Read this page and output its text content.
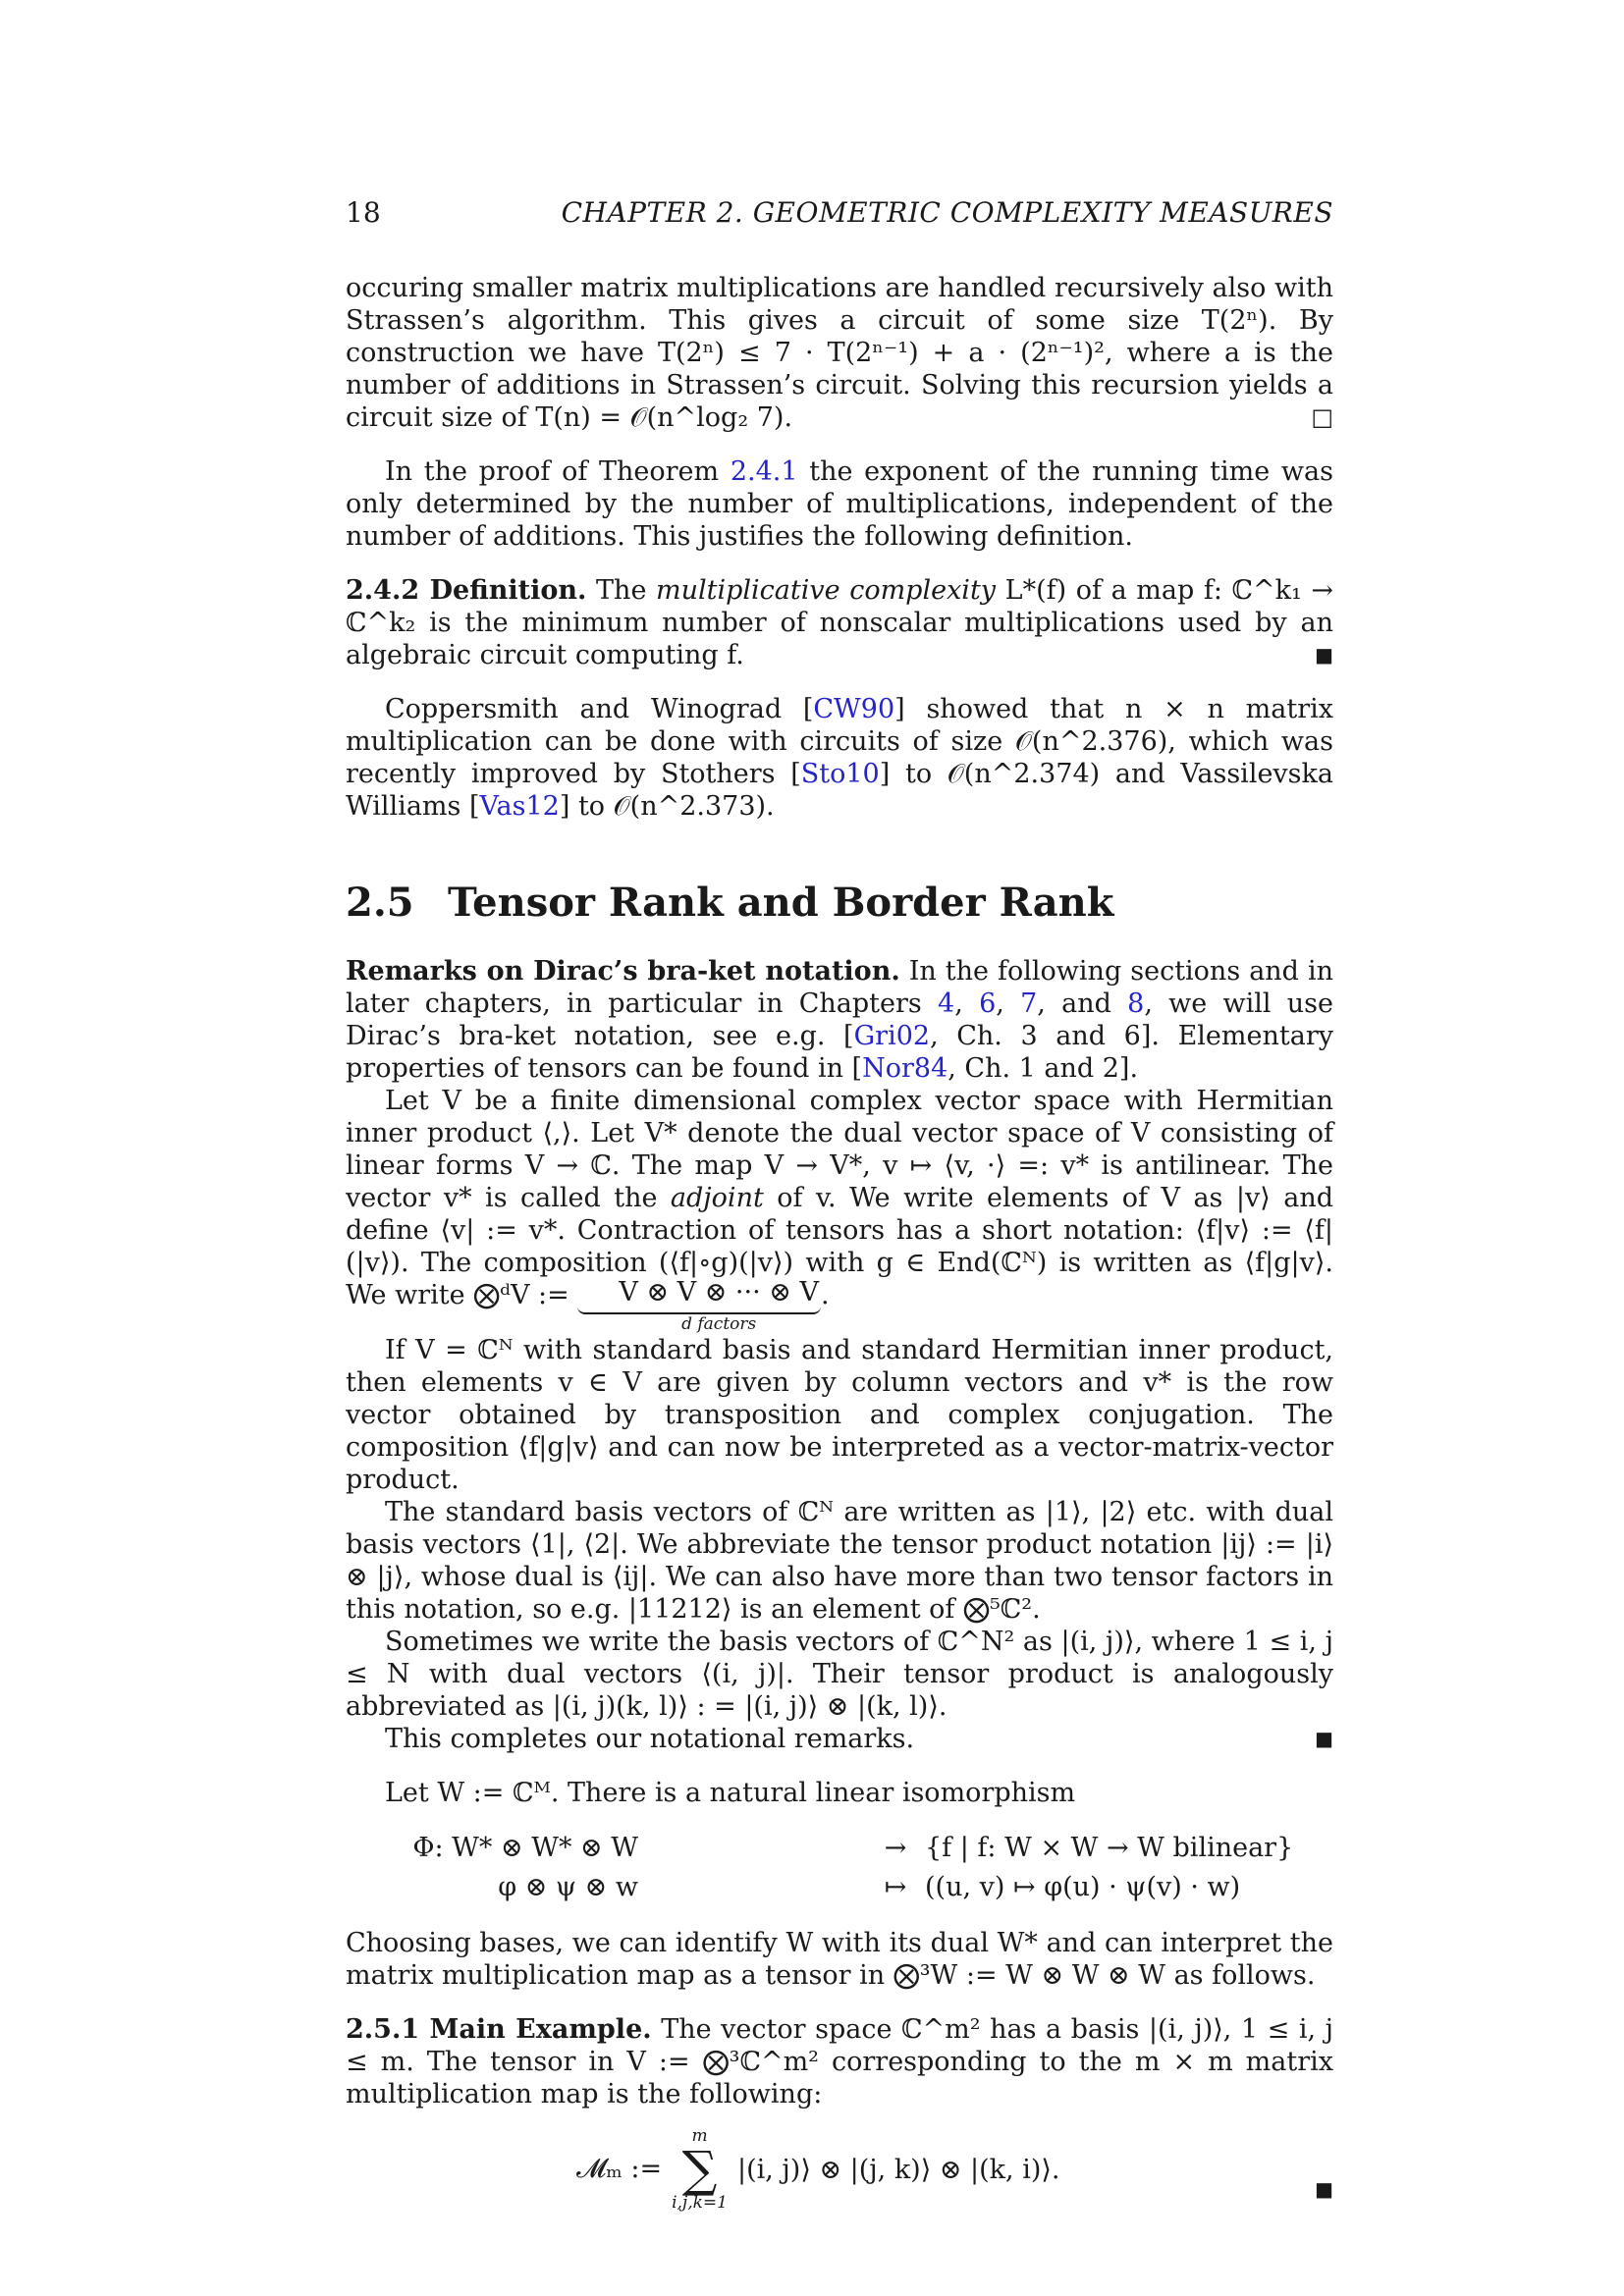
18	CHAPTER 2. GEOMETRIC COMPLEXITY MEASURES

occuring smaller matrix multiplications are handled recursively also with Strassen’s algorithm. This gives a circuit of some size T(2ⁿ). By construction we have T(2ⁿ) ≤ 7 · T(2ⁿ⁻¹) + a · (2ⁿ⁻¹)², where a is the number of additions in Strassen’s circuit. Solving this recursion yields a circuit size of T(n) = 𝒪(n^log₂ 7).	□

In the proof of Theorem 2.4.1 the exponent of the running time was only determined by the number of multiplications, independent of the number of additions. This justifies the following definition.

2.4.2 Definition. The multiplicative complexity L*(f) of a map f: ℂ^k₁ → ℂ^k₂ is the minimum number of nonscalar multiplications used by an algebraic circuit computing f.	■

Coppersmith and Winograd [CW90] showed that n × n matrix multiplication can be done with circuits of size 𝒪(n^2.376), which was recently improved by Stothers [Sto10] to 𝒪(n^2.374) and Vassilevska Williams [Vas12] to 𝒪(n^2.373).

2.5 Tensor Rank and Border Rank

Remarks on Dirac’s bra-ket notation. In the following sections and in later chapters, in particular in Chapters 4, 6, 7, and 8, we will use Dirac’s bra-ket notation, see e.g. [Gri02, Ch. 3 and 6]. Elementary properties of tensors can be found in [Nor84, Ch. 1 and 2].

Let V be a finite dimensional complex vector space with Hermitian inner product ⟨,⟩. Let V* denote the dual vector space of V consisting of linear forms V → ℂ. The map V → V*, v ↦ ⟨v, ·⟩ =: v* is antilinear. The vector v* is called the adjoint of v. We write elements of V as |v⟩ and define ⟨v| := v*. Contraction of tensors has a short notation: ⟨f|v⟩ := ⟨f|(|v⟩). The composition (⟨f|∘g)(|v⟩) with g ∈ End(ℂᴺ) is written as ⟨f|g|v⟩. We write ⨂ᵈV :=	V ⊗ V ⊗ ··· ⊗ V
d factors
.

If V = ℂᴺ with standard basis and standard Hermitian inner product, then elements v ∈ V are given by column vectors and v* is the row vector obtained by transposition and complex conjugation. The composition ⟨f|g|v⟩ and can now be interpreted as a vector-matrix-vector product.

The standard basis vectors of ℂᴺ are written as |1⟩, |2⟩ etc. with dual basis vectors ⟨1|, ⟨2|. We abbreviate the tensor product notation |ij⟩ := |i⟩ ⊗ |j⟩, whose dual is ⟨ij|. We can also have more than two tensor factors in this notation, so e.g. |11212⟩ is an element of ⨂⁵ℂ².

Sometimes we write the basis vectors of ℂ^N² as |(i, j)⟩, where 1 ≤ i, j ≤ N with dual vectors ⟨(i, j)|. Their tensor product is analogously abbreviated as |(i, j)(k, l)⟩ : = |(i, j)⟩ ⊗ |(k, l)⟩.

This completes our notational remarks.	■

Let W := ℂᴹ. There is a natural linear isomorphism

Φ: W* ⊗ W* ⊗ W	→ {f | f: W × W → W bilinear}
φ ⊗ ψ ⊗ w	↦ ((u, v) ↦ φ(u) · ψ(v) · w)

Choosing bases, we can identify W with its dual W* and can interpret the matrix multiplication map as a tensor in ⨂³W := W ⊗ W ⊗ W as follows.

2.5.1 Main Example. The vector space ℂ^m² has a basis |(i, j)⟩, 1 ≤ i, j ≤ m. The tensor in V := ⨂³ℂ^m² corresponding to the m × m matrix multiplication map is the following:

𝓜ₘ :=
m
∑
i,j,k=1
|(i, j)⟩ ⊗ |(j, k)⟩ ⊗ |(k, i)⟩.
■
